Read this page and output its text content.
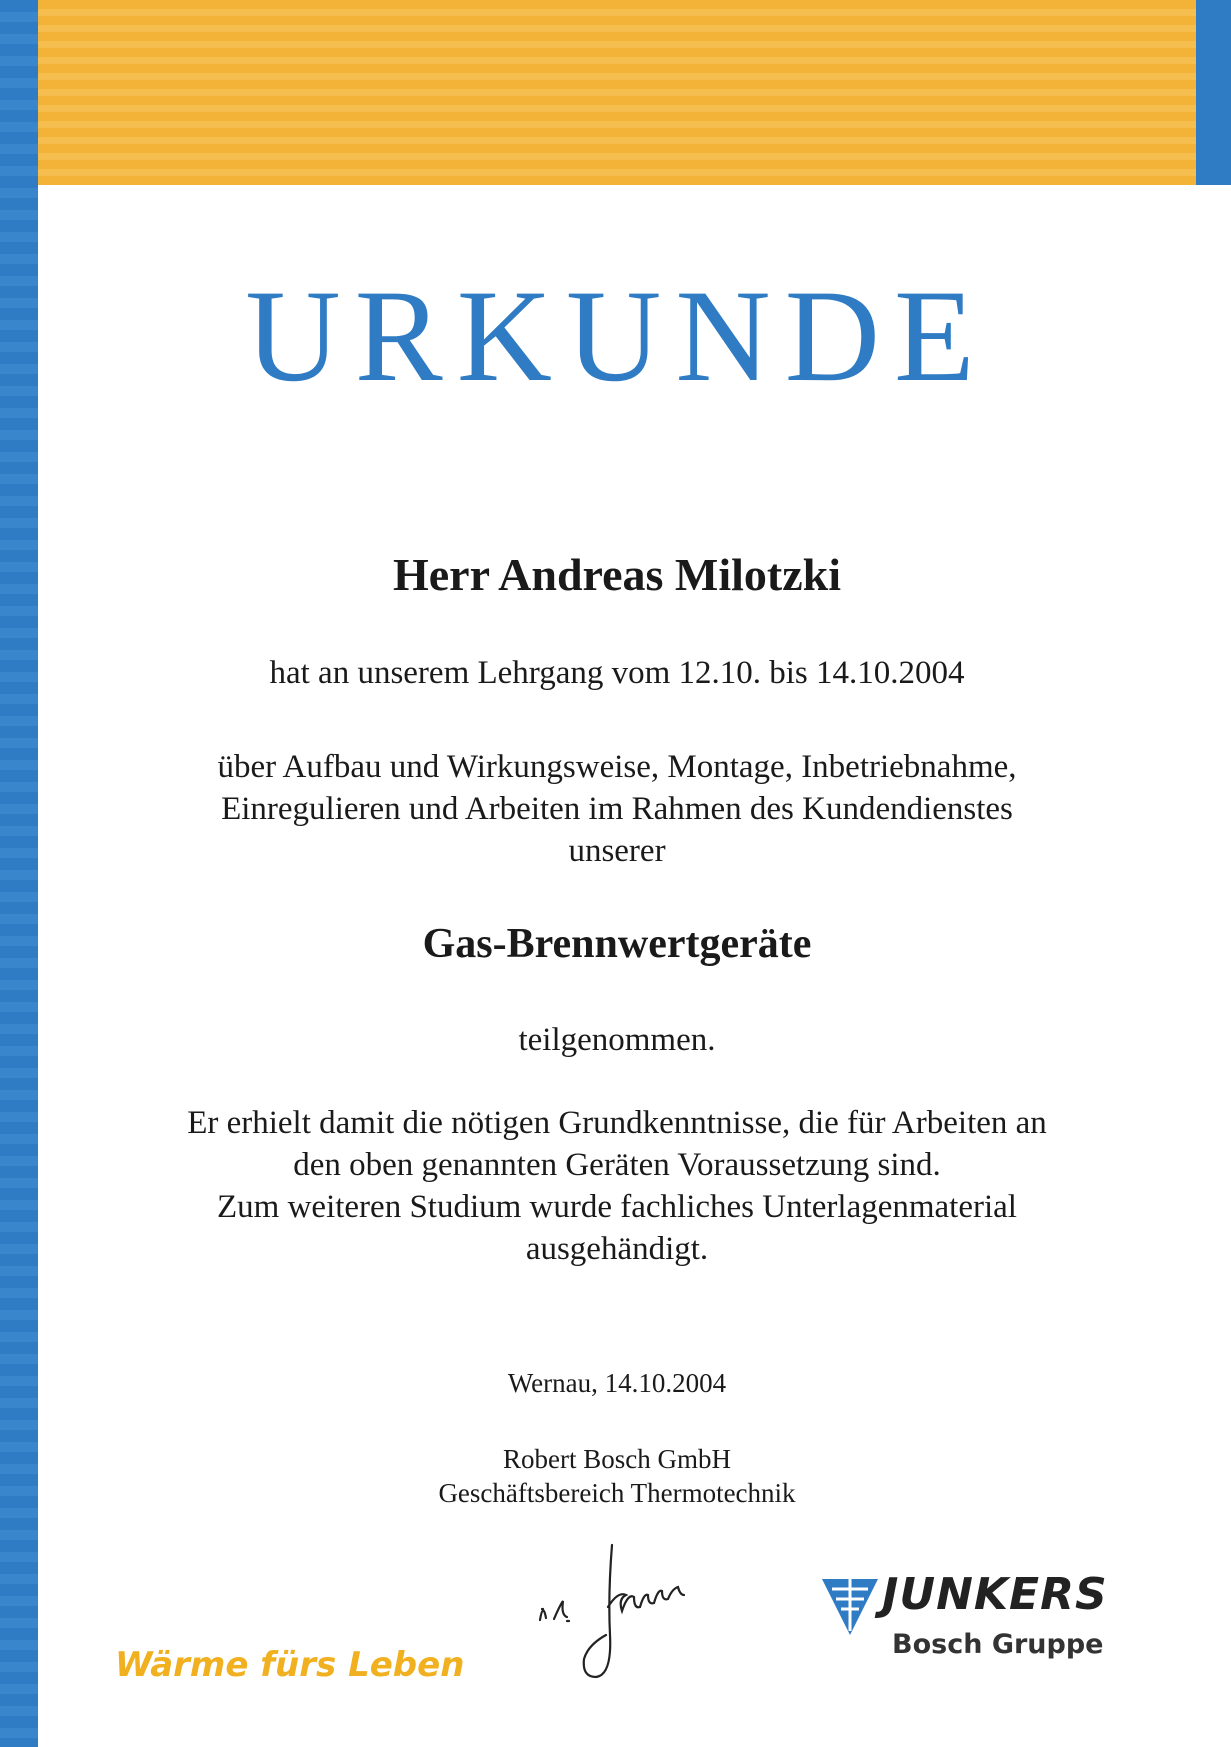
URKUNDE

Herr Andreas Milotzki

hat an unserem Lehrgang vom 12.10. bis 14.10.2004

über Aufbau und Wirkungsweise, Montage, Inbetriebnahme,
Einregulieren und Arbeiten im Rahmen des Kundendienstes
unserer

Gas-Brennwertgeräte

teilgenommen.

Er erhielt damit die nötigen Grundkenntnisse, die für Arbeiten an
den oben genannten Geräten Voraussetzung sind.
Zum weiteren Studium wurde fachliches Unterlagenmaterial
ausgehändigt.

Wernau, 14.10.2004

Robert Bosch GmbH
Geschäftsbereich Thermotechnik
Wärme fürs Leben
JUNKERS
Bosch Gruppe
